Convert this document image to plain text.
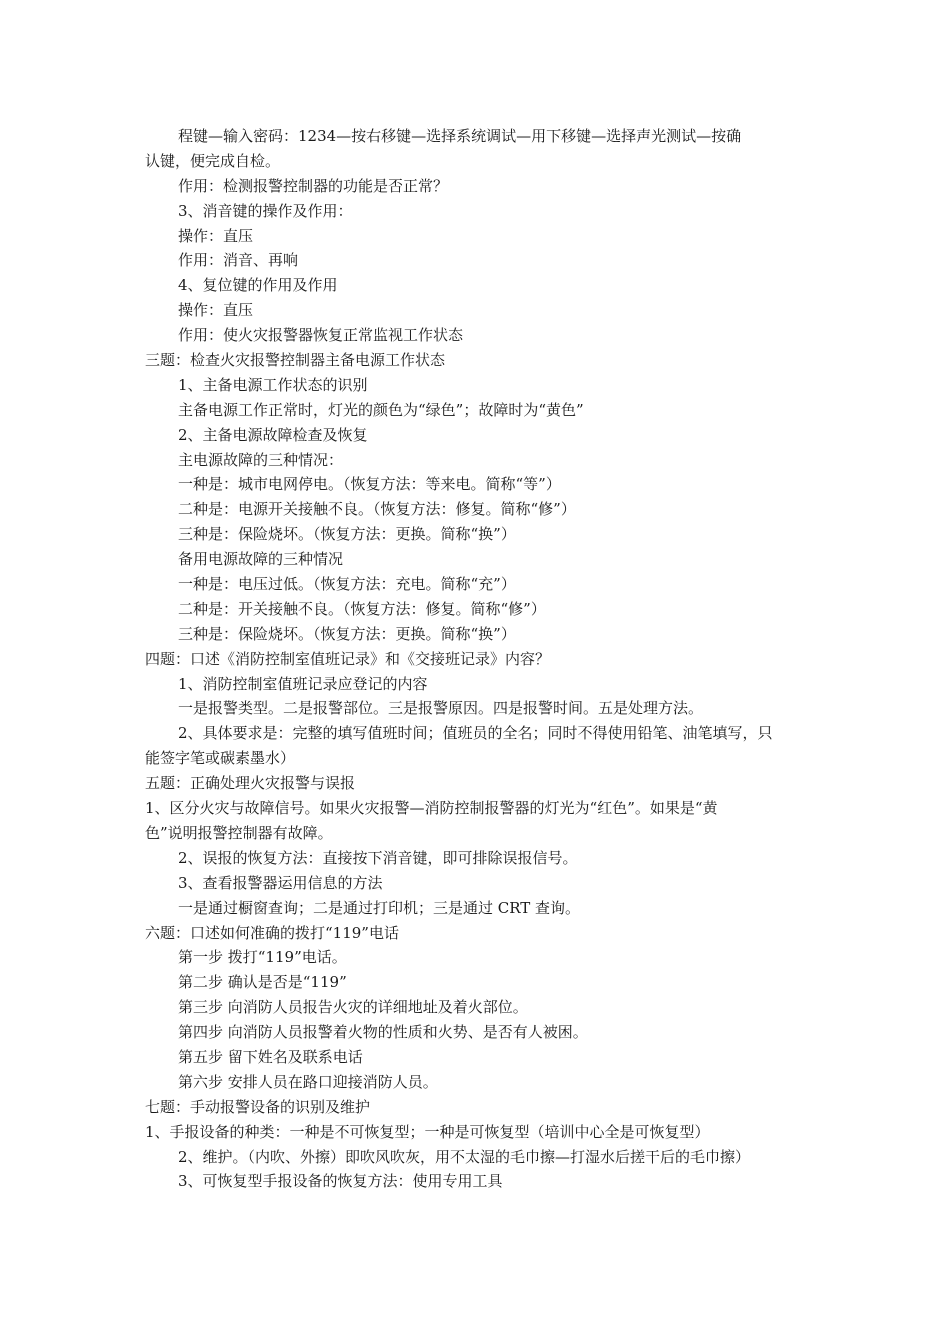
程键—输入密码：1234—按右移键—选择系统调试—用下移键—选择声光测试—按确
认键，便完成自检。
作用：检测报警控制器的功能是否正常？
3、消音键的操作及作用：
操作：直压
作用：消音、再响
4、复位键的作用及作用
操作：直压
作用：使火灾报警器恢复正常监视工作状态
三题：检查火灾报警控制器主备电源工作状态
1、主备电源工作状态的识别
主备电源工作正常时，灯光的颜色为“绿色”；故障时为“黄色”
2、主备电源故障检查及恢复
主电源故障的三种情况：
一种是：城市电网停电。（恢复方法：等来电。简称“等”）
二种是：电源开关接触不良。（恢复方法：修复。简称“修”）
三种是：保险烧坏。（恢复方法：更换。简称“换”）
备用电源故障的三种情况
一种是：电压过低。（恢复方法：充电。简称“充”）
二种是：开关接触不良。（恢复方法：修复。简称“修”）
三种是：保险烧坏。（恢复方法：更换。简称“换”）
四题：口述《消防控制室值班记录》和《交接班记录》内容？
1、消防控制室值班记录应登记的内容
一是报警类型。二是报警部位。三是报警原因。四是报警时间。五是处理方法。
2、具体要求是：完整的填写值班时间；值班员的全名；同时不得使用铅笔、油笔填写，只
能签字笔或碳素墨水）
五题：正确处理火灾报警与误报
1、区分火灾与故障信号。如果火灾报警—消防控制报警器的灯光为“红色”。如果是“黄
色”说明报警控制器有故障。
2、误报的恢复方法：直接按下消音键，即可排除误报信号。
3、查看报警器运用信息的方法
一是通过橱窗查询；二是通过打印机；三是通过 CRT 查询。
六题：口述如何准确的拨打“119”电话
第一步 拨打“119”电话。
第二步 确认是否是“119”
第三步 向消防人员报告火灾的详细地址及着火部位。
第四步 向消防人员报警着火物的性质和火势、是否有人被困。
第五步 留下姓名及联系电话
第六步 安排人员在路口迎接消防人员。
七题：手动报警设备的识别及维护
1、手报设备的种类：一种是不可恢复型；一种是可恢复型（培训中心全是可恢复型）
2、维护。（内吹、外擦）即吹风吹灰，用不太湿的毛巾擦—打湿水后搓干后的毛巾擦）
3、可恢复型手报设备的恢复方法：使用专用工具
